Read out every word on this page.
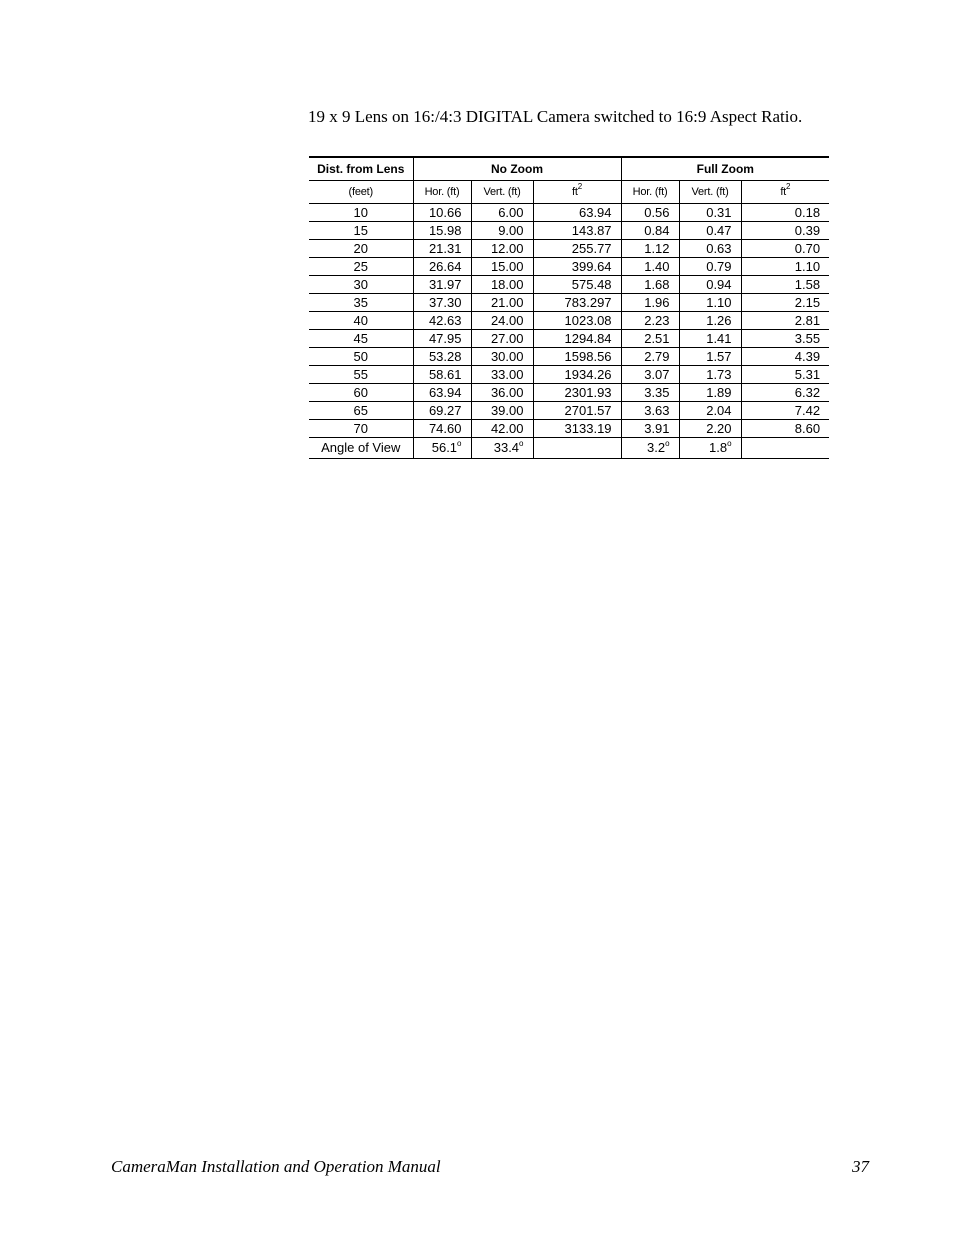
19 x 9 Lens on 16:/4:3 DIGITAL Camera switched to 16:9 Aspect Ratio.
Dist. from Lens	No Zoom			Full Zoom		
(feet)	Hor. (ft)	Vert. (ft)	$ft^2$	Hor. (ft)	Vert. (ft)	$ft^2$
10	10.66	6.00	63.94	0.56	0.31	0.18
15	15.98	9.00	143.87	0.84	0.47	0.39
20	21.31	12.00	255.77	1.12	0.63	0.70
25	26.64	15.00	399.64	1.40	0.79	1.10
30	31.97	18.00	575.48	1.68	0.94	1.58
35	37.30	21.00	783.297	1.96	1.10	2.15
40	42.63	24.00	1023.08	2.23	1.26	2.81
45	47.95	27.00	1294.84	2.51	1.41	3.55
50	53.28	30.00	1598.56	2.79	1.57	4.39
55	58.61	33.00	1934.26	3.07	1.73	5.31
60	63.94	36.00	2301.93	3.35	1.89	6.32
65	69.27	39.00	2701.57	3.63	2.04	7.42
70	74.60	42.00	3133.19	3.91	2.20	8.60
Angle of View	56.1$^o$	33.4$^o$		3.2$^o$	1.8$^o$	
CameraMan Installation and Operation Manual	37
